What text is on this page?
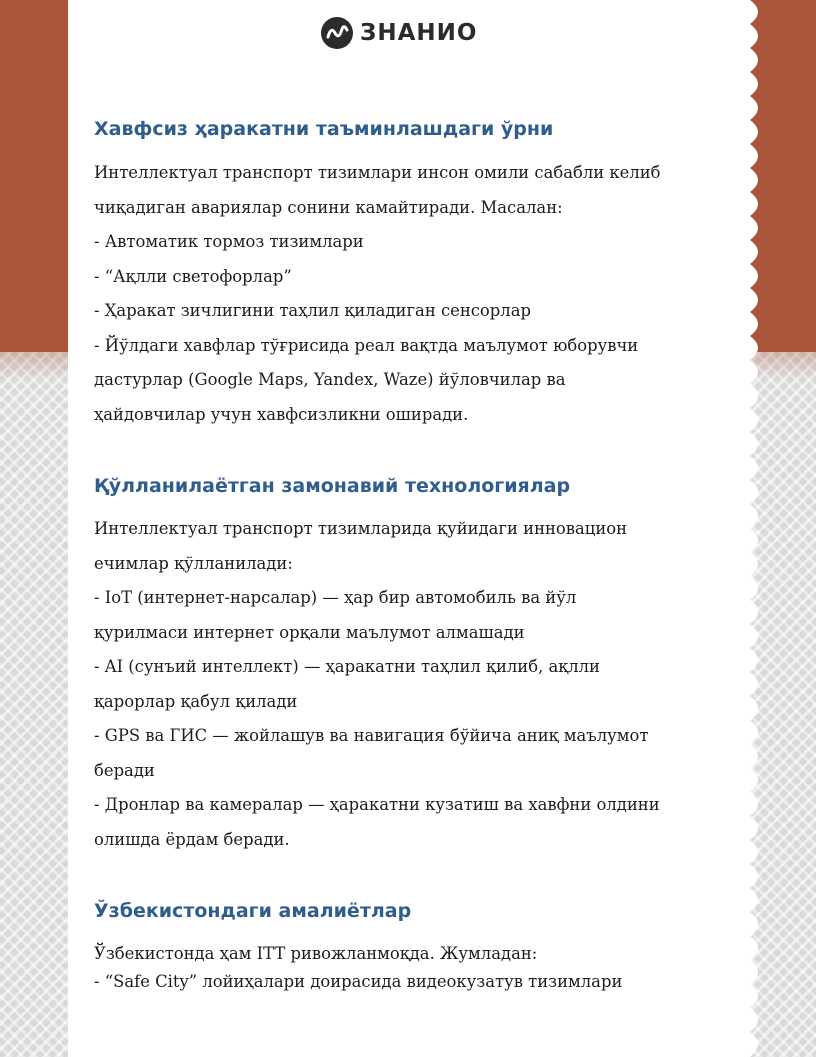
ЗНАНИО
Хавфсиз ҳаракатни таъминлашдаги ўрни
Интеллектуал транспорт тизимлари инсон омили сабабли келиб
чиқадиган авариялар сонини камайтиради. Масалан:
- Автоматик тормоз тизимлари
- “Ақлли светофорлар”
- Ҳаракат зичлигини таҳлил қиладиган сенсорлар
- Йўлдаги хавфлар тўғрисида реал вақтда маълумот юборувчи
дастурлар (Google Maps, Yandex, Waze) йўловчилар ва
ҳайдовчилар учун хавфсизликни оширади.
Қўлланилаётган замонавий технологиялар
Интеллектуал транспорт тизимларида қуйидаги инновацион
ечимлар қўлланилади:
- IoT (интернет-нарсалар) — ҳар бир автомобиль ва йўл
қурилмаси интернет орқали маълумот алмашади
- AI (сунъий интеллект) — ҳаракатни таҳлил қилиб, ақлли
қарорлар қабул қилади
- GPS ва ГИС — жойлашув ва навигация бўйича аниқ маълумот
беради
- Дронлар ва камералар — ҳаракатни кузатиш ва хавфни олдини
олишда ёрдам беради.
Ўзбекистондаги амалиётлар
Ўзбекистонда ҳам ITT ривожланмоқда. Жумладан:
- “Safe City” лойиҳалари доирасида видеокузатув тизимлари
